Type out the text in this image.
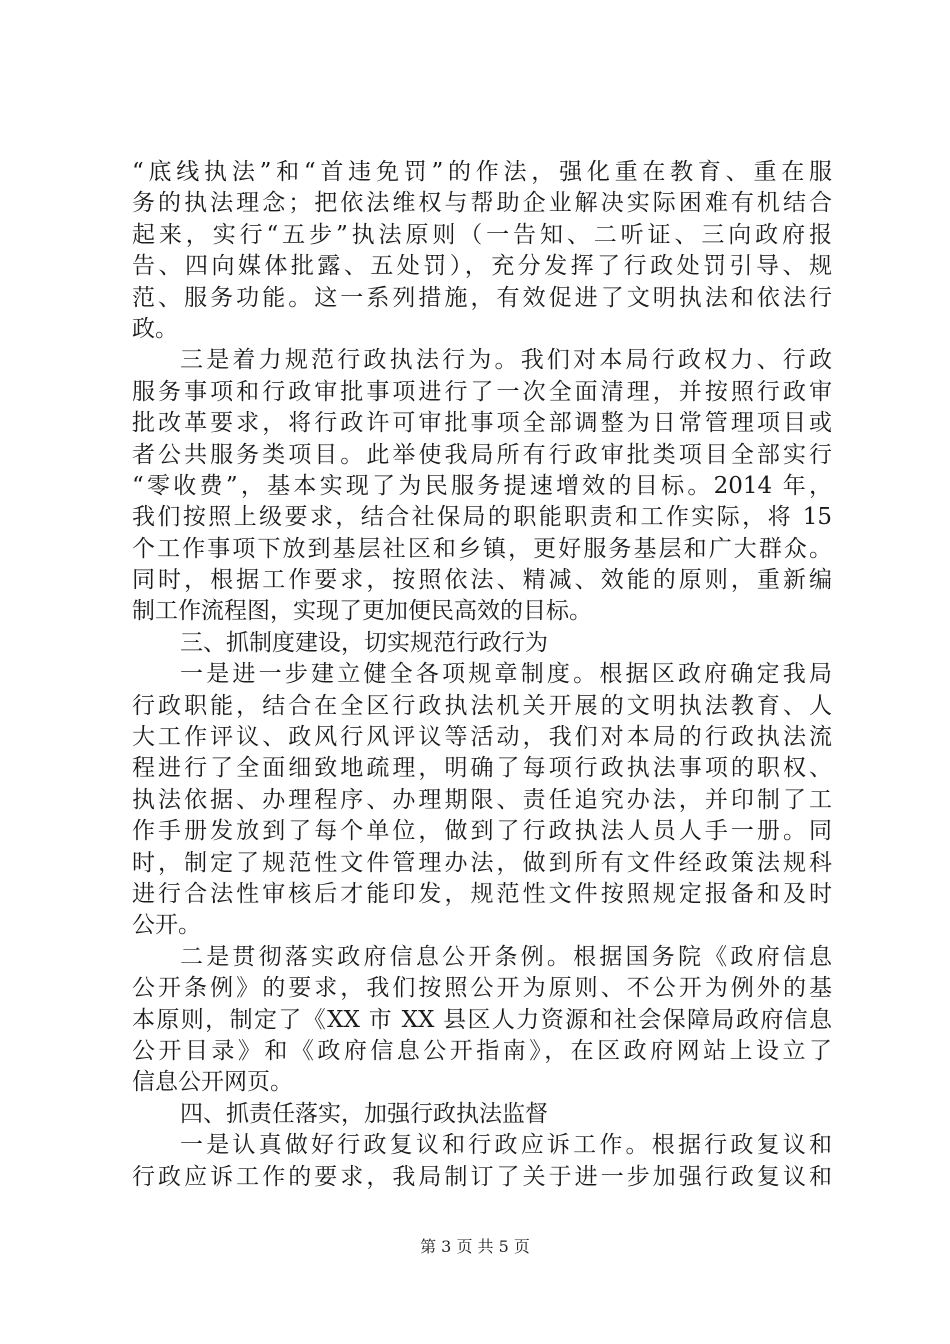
“底线执法”和“首违免罚”的作法，强化重在教育、重在服
务的执法理念；把依法维权与帮助企业解决实际困难有机结合
起来，实行“五步”执法原则（一告知、二听证、三向政府报
告、四向媒体批露、五处罚），充分发挥了行政处罚引导、规
范、服务功能。这一系列措施，有效促进了文明执法和依法行
政。
三是着力规范行政执法行为。我们对本局行政权力、行政
服务事项和行政审批事项进行了一次全面清理，并按照行政审
批改革要求，将行政许可审批事项全部调整为日常管理项目或
者公共服务类项目。此举使我局所有行政审批类项目全部实行
“零收费”，基本实现了为民服务提速增效的目标。2014 年，
我们按照上级要求，结合社保局的职能职责和工作实际，将 15
个工作事项下放到基层社区和乡镇，更好服务基层和广大群众。
同时，根据工作要求，按照依法、精减、效能的原则，重新编
制工作流程图，实现了更加便民高效的目标。
三、抓制度建设，切实规范行政行为
一是进一步建立健全各项规章制度。根据区政府确定我局
行政职能，结合在全区行政执法机关开展的文明执法教育、人
大工作评议、政风行风评议等活动，我们对本局的行政执法流
程进行了全面细致地疏理，明确了每项行政执法事项的职权、
执法依据、办理程序、办理期限、责任追究办法，并印制了工
作手册发放到了每个单位，做到了行政执法人员人手一册。同
时，制定了规范性文件管理办法，做到所有文件经政策法规科
进行合法性审核后才能印发，规范性文件按照规定报备和及时
公开。
二是贯彻落实政府信息公开条例。根据国务院《政府信息
公开条例》的要求，我们按照公开为原则、不公开为例外的基
本原则，制定了《XX 市 XX 县区人力资源和社会保障局政府信息
公开目录》和《政府信息公开指南》，在区政府网站上设立了
信息公开网页。
四、抓责任落实，加强行政执法监督
一是认真做好行政复议和行政应诉工作。根据行政复议和
行政应诉工作的要求，我局制订了关于进一步加强行政复议和
第 3 页 共 5 页
